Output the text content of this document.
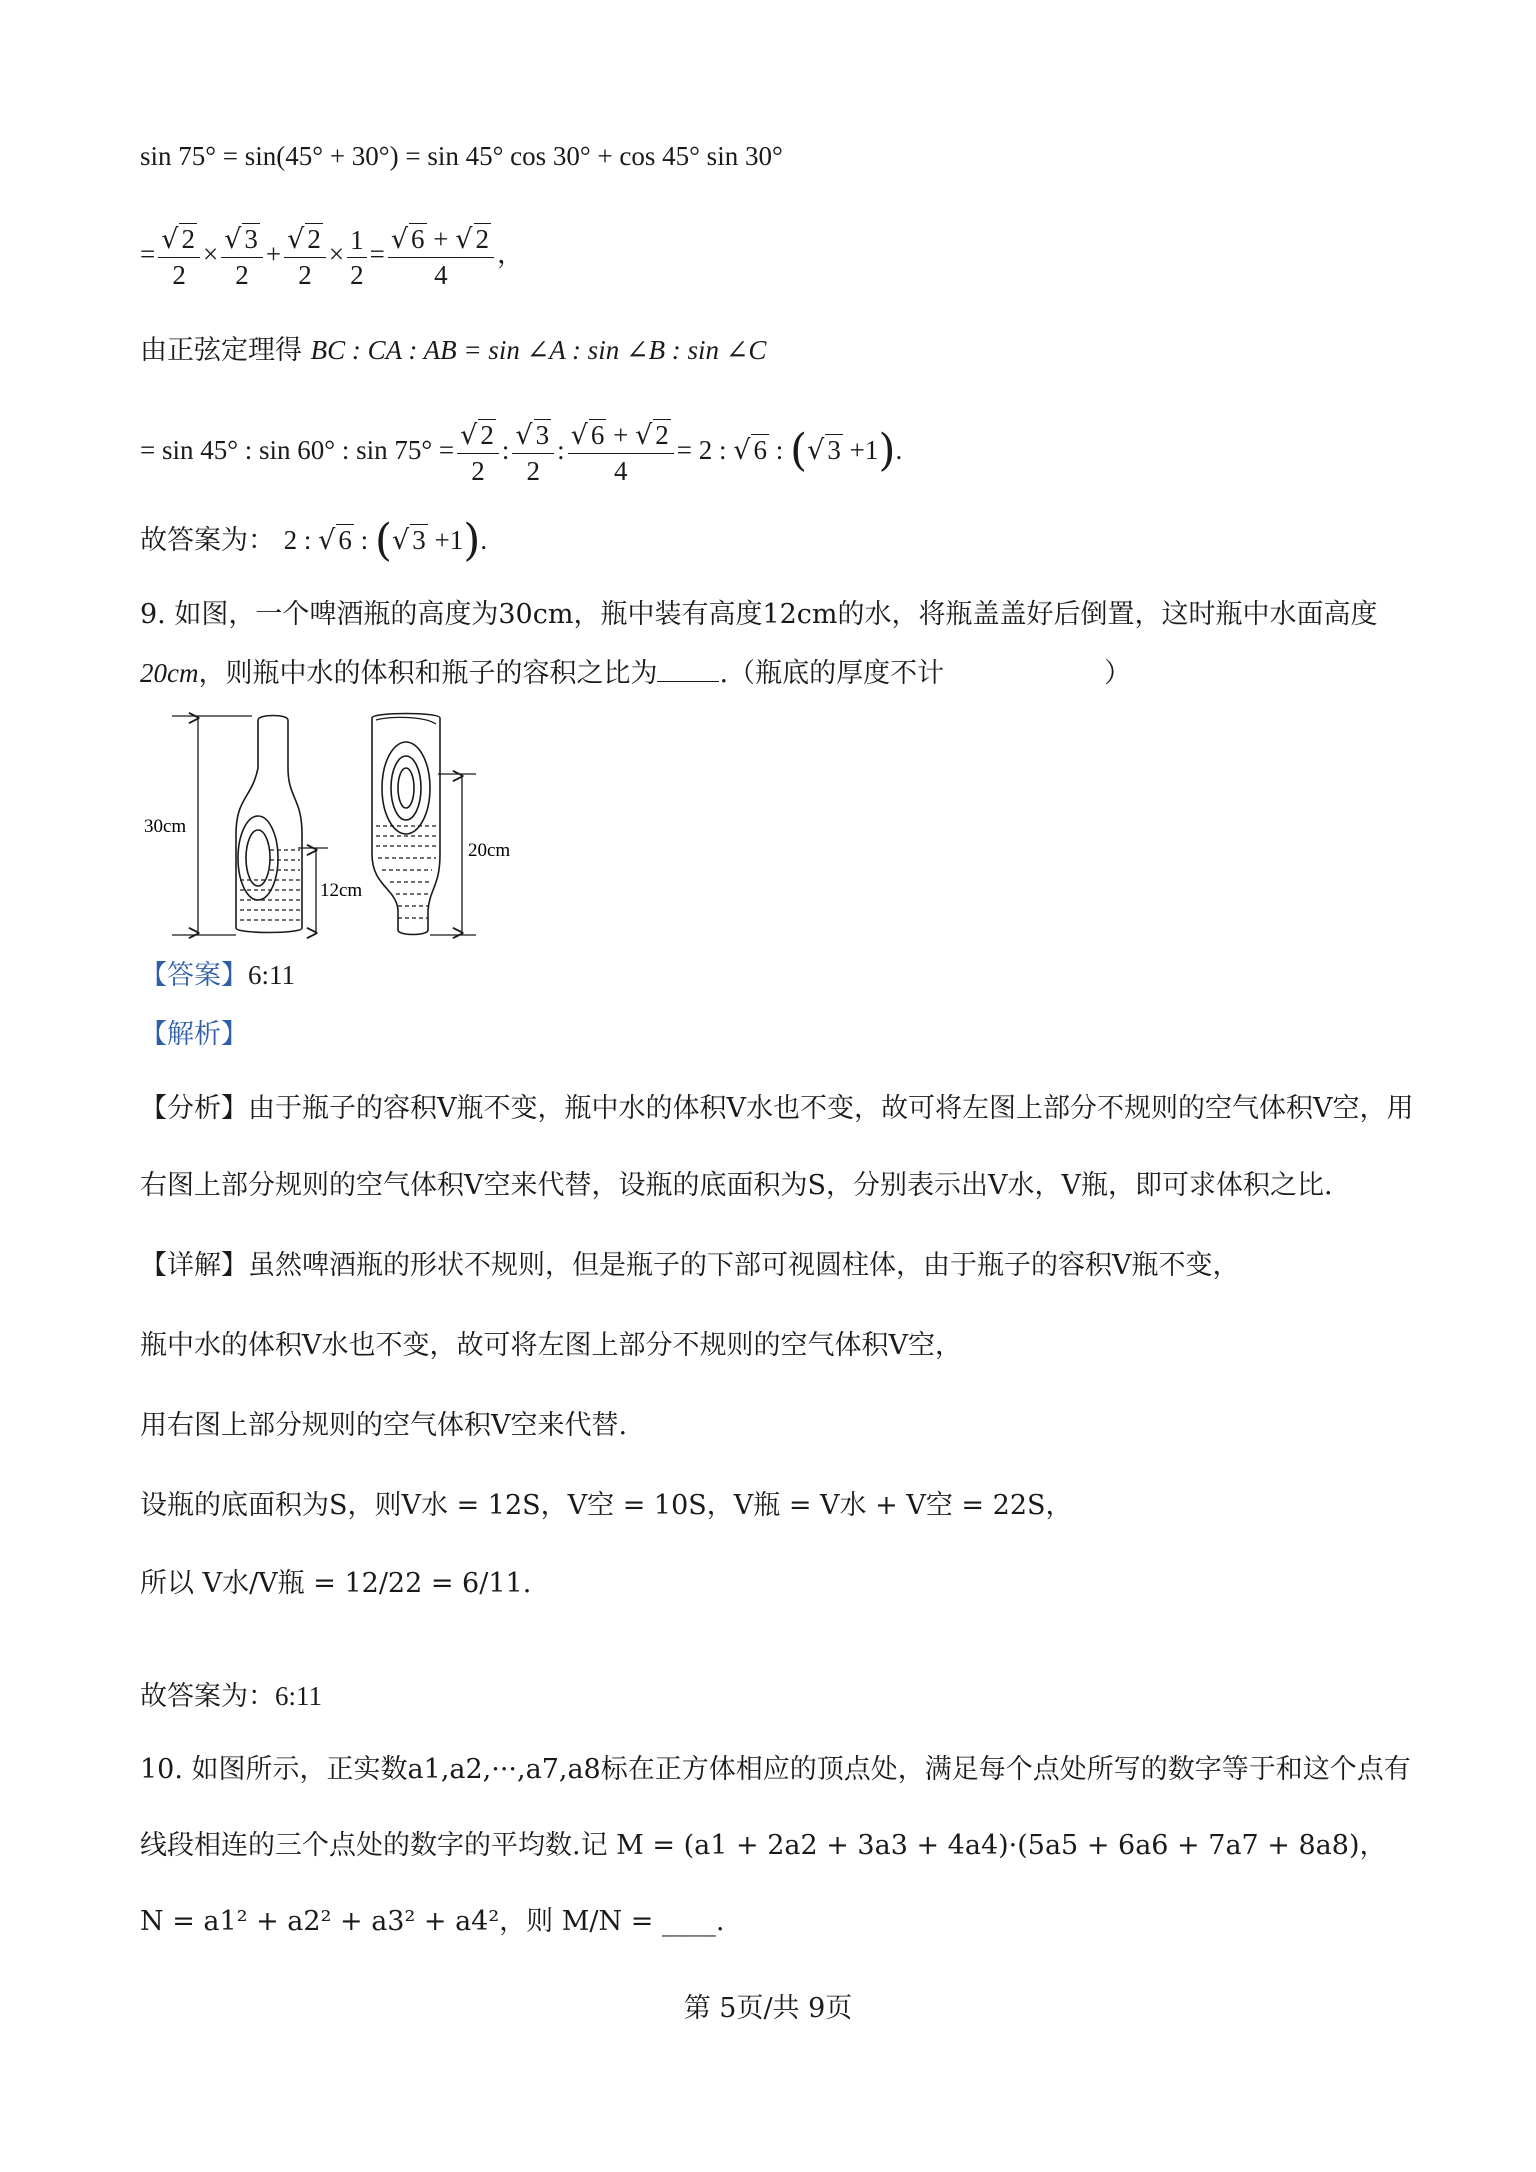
sin 75° = sin(45° + 30°) = sin 45° cos 30° + cos 45° sin 30°
= $\frac{√ 2}{2} \times \frac{√ 3}{2} + \frac{√ 2}{2} \times \frac{1}{2} = \frac{√ 6 + √ 2}{4}$ ，
由正弦定理得 BC : CA : AB = sin ∠A : sin ∠B : sin ∠C
= sin 45° : sin 60° : $\sin 75^\circ = \frac{√ 2}{2}$ : $\frac{√ 3}{2}$ : $\frac{√ 6 + √ 2}{4} = 2$ : √ 6 : (√ 3 +1).
故答案为： 2 : √ 6 : (√ 3 +1).
9. 如图，一个啤酒瓶的高度为30cm，瓶中装有高度12cm的水，将瓶盖盖好后倒置，这时瓶中水面高度
20cm，则瓶中水的体积和瓶子的容积之比为 .（瓶底的厚度不计	）
30cm
12cm
20cm
【答案】6:11
【解析】
【分析】由于瓶子的容积V瓶不变，瓶中水的体积V水也不变，故可将左图上部分不规则的空气体积V空，用
右图上部分规则的空气体积V空来代替，设瓶的底面积为S，分别表示出V水，V瓶，即可求体积之比.
【详解】虽然啤酒瓶的形状不规则，但是瓶子的下部可视圆柱体，由于瓶子的容积V瓶不变，
瓶中水的体积V水也不变，故可将左图上部分不规则的空气体积V空，
用右图上部分规则的空气体积V空来代替.
设瓶的底面积为S，则V水 = 12S，V空 = 10S，V瓶 = V水 + V空 = 22S，
所以 V水/V瓶 = 12/22 = 6/11.
故答案为：6:11
10. 如图所示，正实数a1,a2,···,a7,a8标在正方体相应的顶点处，满足每个点处所写的数字等于和这个点有
线段相连的三个点处的数字的平均数.记 M = (a1 + 2a2 + 3a3 + 4a4)·(5a5 + 6a6 + 7a7 + 8a8)，
N = a1² + a2² + a3² + a4²，则 M/N = ____.
第 5页/共 9页
